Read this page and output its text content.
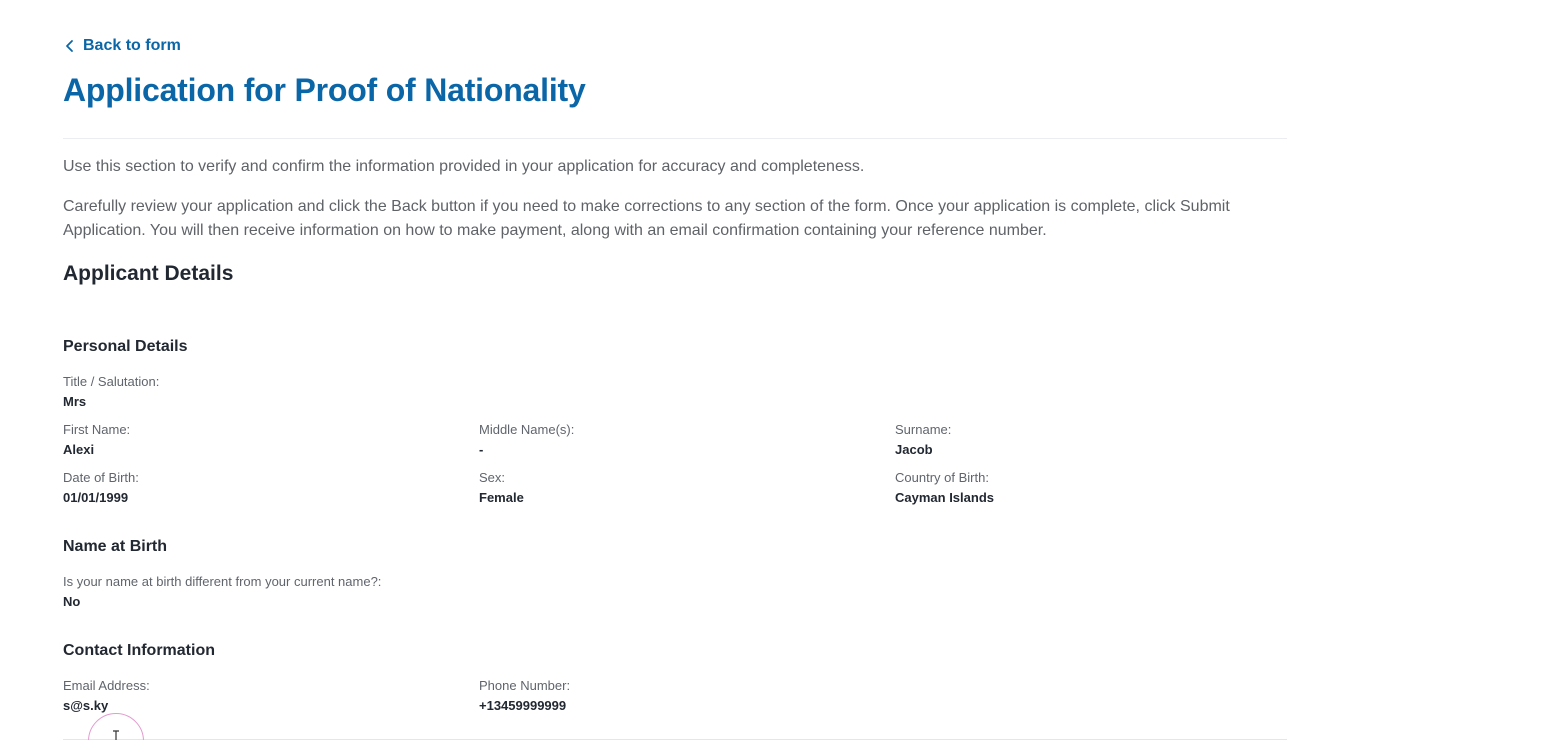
Back to form
Application for Proof of Nationality

Use this section to verify and confirm the information provided in your application for accuracy and completeness.

Carefully review your application and click the Back button if you need to make corrections to any section of the form. Once your application is complete, click Submit Application. You will then receive information on how to make payment, along with an email confirmation containing your reference number.

Applicant Details
Personal Details
Title / Salutation:
Mrs
First Name:
Alexi
Middle Name(s):
-
Surname:
Jacob
Date of Birth:
01/01/1999
Sex:
Female
Country of Birth:
Cayman Islands
Name at Birth
Is your name at birth different from your current name?:
No
Contact Information
Email Address:
s@s.ky
Phone Number:
+13459999999
